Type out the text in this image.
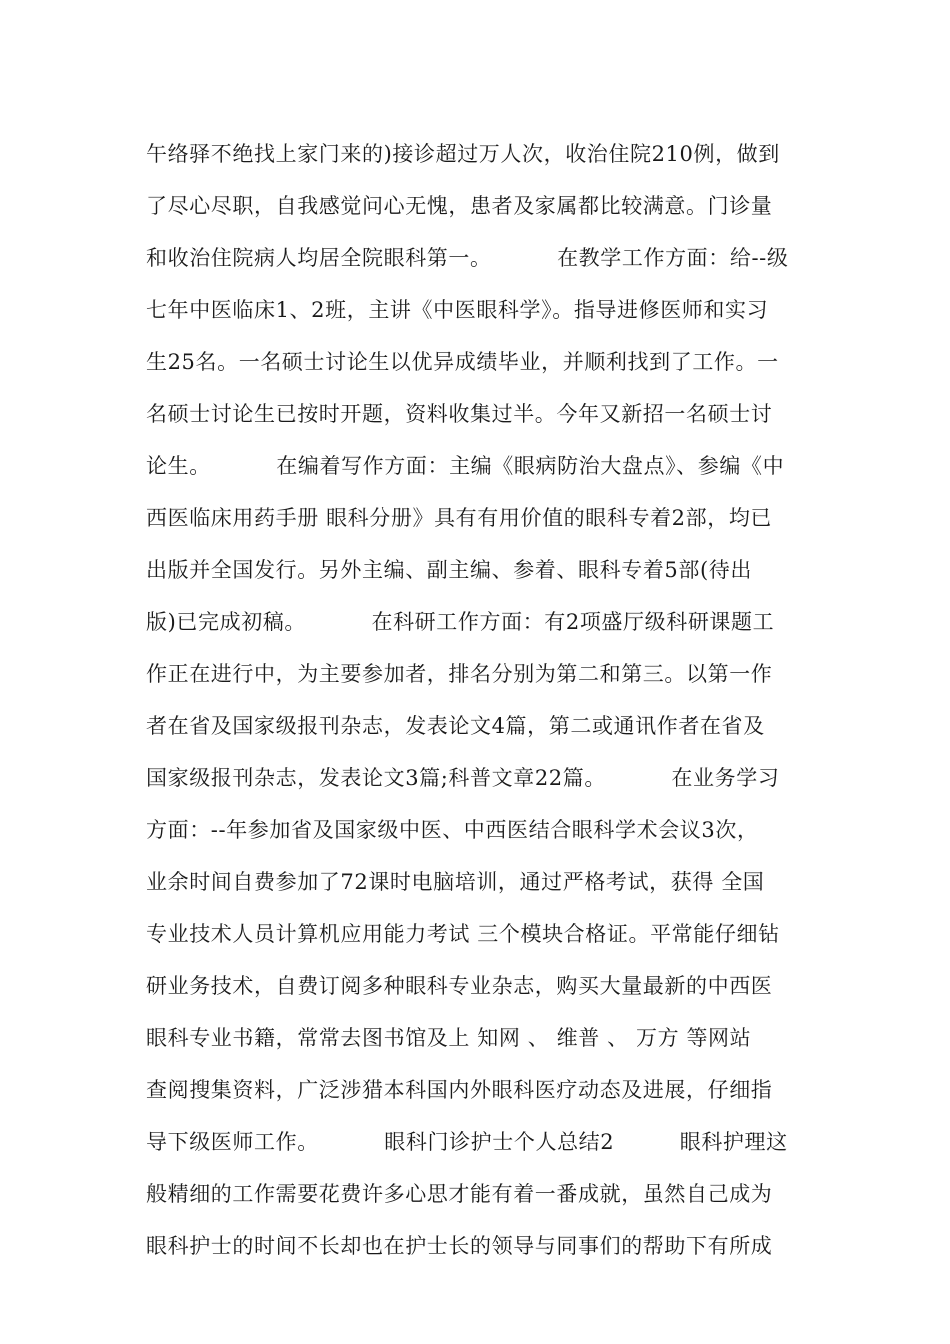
午络驿不绝找上家门来的)接诊超过万人次，收治住院210例，做到
了尽心尽职，自我感觉问心无愧，患者及家属都比较满意。门诊量
和收治住院病人均居全院眼科第一。         在教学工作方面：给--级
七年中医临床1、2班，主讲《中医眼科学》。指导进修医师和实习
生25名。一名硕士讨论生以优异成绩毕业，并顺利找到了工作。一
名硕士讨论生已按时开题，资料收集过半。今年又新招一名硕士讨
论生。         在编着写作方面：主编《眼病防治大盘点》、参编《中
西医临床用药手册 眼科分册》具有有用价值的眼科专着2部，均已
出版并全国发行。另外主编、副主编、参着、眼科专着5部(待出
版)已完成初稿。         在科研工作方面：有2项盛厅级科研课题工
作正在进行中，为主要参加者，排名分别为第二和第三。以第一作
者在省及国家级报刊杂志，发表论文4篇，第二或通讯作者在省及
国家级报刊杂志，发表论文3篇;科普文章22篇。         在业务学习
方面：--年参加省及国家级中医、中西医结合眼科学术会议3次，
业余时间自费参加了72课时电脑培训，通过严格考试，获得 全国
专业技术人员计算机应用能力考试 三个模块合格证。平常能仔细钻
研业务技术，自费订阅多种眼科专业杂志，购买大量最新的中西医
眼科专业书籍，常常去图书馆及上 知网 、 维普 、 万方 等网站
查阅搜集资料，广泛涉猎本科国内外眼科医疗动态及进展，仔细指
导下级医师工作。         眼科门诊护士个人总结2         眼科护理这
般精细的工作需要花费许多心思才能有着一番成就，虽然自己成为
眼科护士的时间不长却也在护士长的领导与同事们的帮助下有所成
